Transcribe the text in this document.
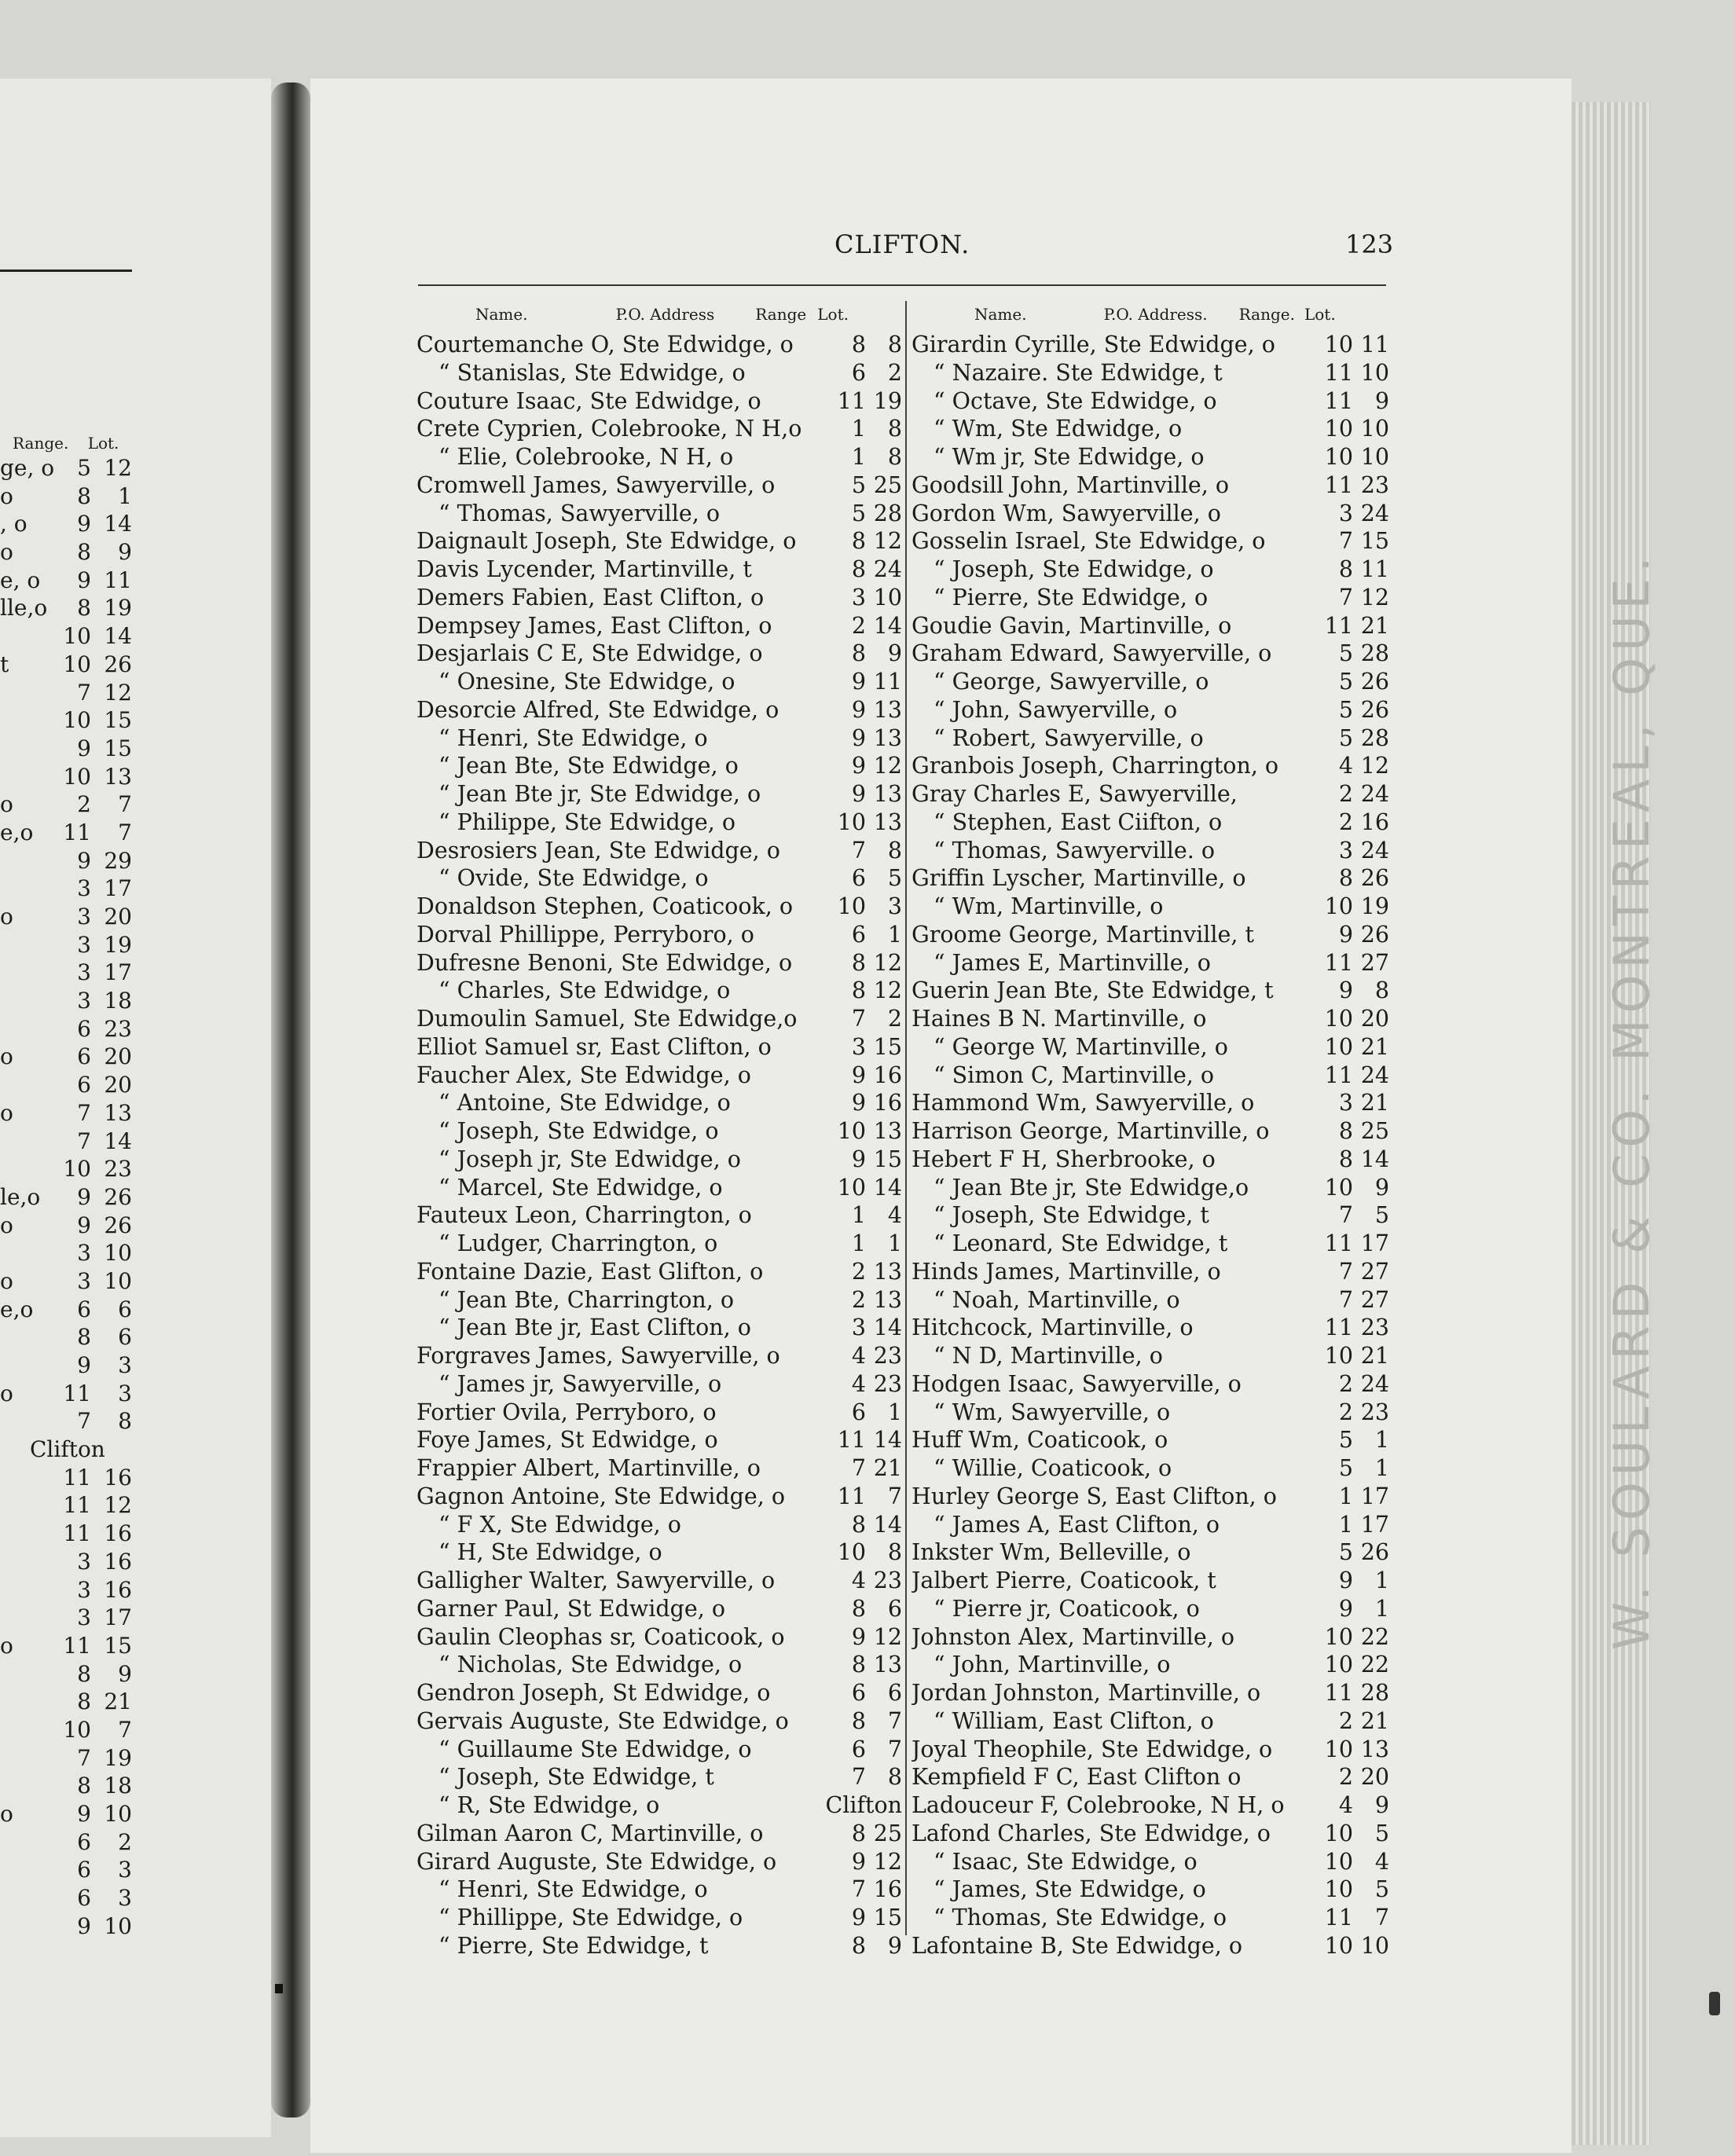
Range. Lot.
ge, o	5 12
o	8	1
, o	9 14
o	8	9
e, o	9 11
lle,o	8 19
10 14
t	10 26
7 12
10 15
9 15
10 13
o	2	7
e,o	11	7
9 29
3 17
o	3 20
3 19
3 17
3 18
6 23
o	6 20
6 20
o	7 13
7 14
10 23
le,o	9 26
o	9 26
3 10
o	3 10
e,o	6	6
8	6
9	3
o	11	3
7	8
Clifton
11 16
11 12
11 16
3 16
3 16
3 17
o	11 15
8	9
8 21
10	7
7 19
8 18
o	9 10
6	2
6	3
6	3
9 10
W. SOULARD & CO. MONTREAL, QUE.
CLIFTON.	123
Name.	P.O. Address	Range Lot.
Courtemanche O, Ste Edwidge, o	8 8
“ Stanislas, Ste Edwidge, o	6 2
Couture Isaac, Ste Edwidge, o	11 19
Crete Cyprien, Colebrooke, N H,o	1 8
“ Elie, Colebrooke, N H, o	1 8
Cromwell James, Sawyerville, o	5 25
“ Thomas, Sawyerville, o	5 28
Daignault Joseph, Ste Edwidge, o	8 12
Davis Lycender, Martinville, t	8 24
Demers Fabien, East Clifton, o	3 10
Dempsey James, East Clifton, o	2 14
Desjarlais C E, Ste Edwidge, o	8 9
“ Onesine, Ste Edwidge, o	9 11
Desorcie Alfred, Ste Edwidge, o	9 13
“ Henri, Ste Edwidge, o	9 13
“ Jean Bte, Ste Edwidge, o	9 12
“ Jean Bte jr, Ste Edwidge, o	9 13
“ Philippe, Ste Edwidge, o	10 13
Desrosiers Jean, Ste Edwidge, o	7 8
“ Ovide, Ste Edwidge, o	6 5
Donaldson Stephen, Coaticook, o	10 3
Dorval Phillippe, Perryboro, o	6 1
Dufresne Benoni, Ste Edwidge, o	8 12
“ Charles, Ste Edwidge, o	8 12
Dumoulin Samuel, Ste Edwidge,o	7 2
Elliot Samuel sr, East Clifton, o	3 15
Faucher Alex, Ste Edwidge, o	9 16
“ Antoine, Ste Edwidge, o	9 16
“ Joseph, Ste Edwidge, o	10 13
“ Joseph jr, Ste Edwidge, o	9 15
“ Marcel, Ste Edwidge, o	10 14
Fauteux Leon, Charrington, o	1 4
“ Ludger, Charrington, o	1 1
Fontaine Dazie, East Glifton, o	2 13
“ Jean Bte, Charrington, o	2 13
“ Jean Bte jr, East Clifton, o	3 14
Forgraves James, Sawyerville, o	4 23
“ James jr, Sawyerville, o	4 23
Fortier Ovila, Perryboro, o	6 1
Foye James, St Edwidge, o	11 14
Frappier Albert, Martinville, o	7 21
Gagnon Antoine, Ste Edwidge, o	11 7
“ F X, Ste Edwidge, o	8 14
“ H, Ste Edwidge, o	10 8
Galligher Walter, Sawyerville, o	4 23
Garner Paul, St Edwidge, o	8 6
Gaulin Cleophas sr, Coaticook, o	9 12
“ Nicholas, Ste Edwidge, o	8 13
Gendron Joseph, St Edwidge, o	6 6
Gervais Auguste, Ste Edwidge, o	8 7
“ Guillaume Ste Edwidge, o	6 7
“ Joseph, Ste Edwidge, t	7 8
“ R, Ste Edwidge, o	Clifton
Gilman Aaron C, Martinville, o	8 25
Girard Auguste, Ste Edwidge, o	9 12
“ Henri, Ste Edwidge, o	7 16
“ Phillippe, Ste Edwidge, o	9 15
“ Pierre, Ste Edwidge, t	8 9
Name.	P.O. Address. Range. Lot.
Girardin Cyrille, Ste Edwidge, o	10 11
“ Nazaire. Ste Edwidge, t	11 10
“ Octave, Ste Edwidge, o	11 9
“ Wm, Ste Edwidge, o	10 10
“ Wm jr, Ste Edwidge, o	10 10
Goodsill John, Martinville, o	11 23
Gordon Wm, Sawyerville, o	3 24
Gosselin Israel, Ste Edwidge, o	7 15
“ Joseph, Ste Edwidge, o	8 11
“ Pierre, Ste Edwidge, o	7 12
Goudie Gavin, Martinville, o	11 21
Graham Edward, Sawyerville, o	5 28
“ George, Sawyerville, o	5 26
“ John, Sawyerville, o	5 26
“ Robert, Sawyerville, o	5 28
Granbois Joseph, Charrington, o	4 12
Gray Charles E, Sawyerville,	2 24
“ Stephen, East Ciifton, o	2 16
“ Thomas, Sawyerville. o	3 24
Griffin Lyscher, Martinville, o	8 26
“ Wm, Martinville, o	10 19
Groome George, Martinville, t	9 26
“ James E, Martinville, o	11 27
Guerin Jean Bte, Ste Edwidge, t	9 8
Haines B N. Martinville, o	10 20
“ George W, Martinville, o	10 21
“ Simon C, Martinville, o	11 24
Hammond Wm, Sawyerville, o	3 21
Harrison George, Martinville, o	8 25
Hebert F H, Sherbrooke, o	8 14
“ Jean Bte jr, Ste Edwidge,o	10 9
“ Joseph, Ste Edwidge, t	7 5
“ Leonard, Ste Edwidge, t	11 17
Hinds James, Martinville, o	7 27
“ Noah, Martinville, o	7 27
Hitchcock, Martinville, o	11 23
“ N D, Martinville, o	10 21
Hodgen Isaac, Sawyerville, o	2 24
“ Wm, Sawyerville, o	2 23
Huff Wm, Coaticook, o	5 1
“ Willie, Coaticook, o	5 1
Hurley George S, East Clifton, o	1 17
“ James A, East Clifton, o	1 17
Inkster Wm, Belleville, o	5 26
Jalbert Pierre, Coaticook, t	9 1
“ Pierre jr, Coaticook, o	9 1
Johnston Alex, Martinville, o	10 22
“ John, Martinville, o	10 22
Jordan Johnston, Martinville, o	11 28
“ William, East Clifton, o	2 21
Joyal Theophile, Ste Edwidge, o	10 13
Kempfield F C, East Clifton o	2 20
Ladouceur F, Colebrooke, N H, o	4 9
Lafond Charles, Ste Edwidge, o	10 5
“ Isaac, Ste Edwidge, o	10 4
“ James, Ste Edwidge, o	10 5
“ Thomas, Ste Edwidge, o	11 7
Lafontaine B, Ste Edwidge, o	10 10
